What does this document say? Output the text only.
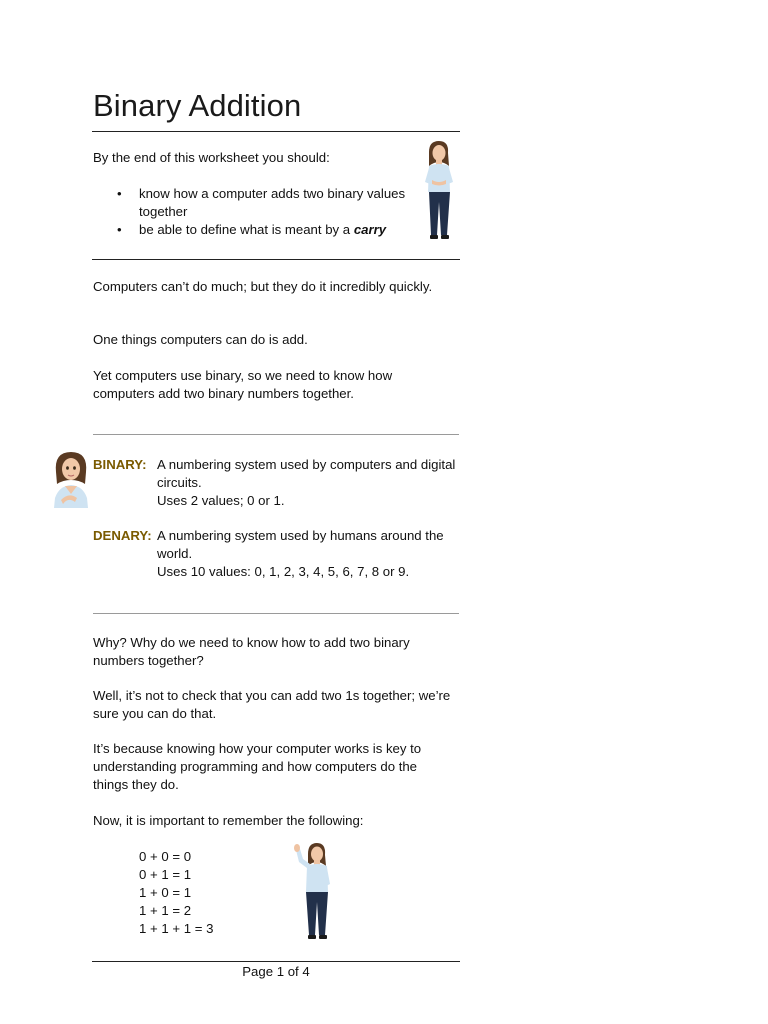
Binary Addition

By the end of this worksheet you should:

• know how a computer adds two binary values together
• be able to define what is meant by a carry

Computers can’t do much; but they do it incredibly quickly.

One things computers can do is add.

Yet computers use binary, so we need to know how computers add two binary numbers together.

BINARY: A numbering system used by computers and digital circuits.
Uses 2 values; 0 or 1.
DENARY: A numbering system used by humans around the world.
Uses 10 values: 0, 1, 2, 3, 4, 5, 6, 7, 8 or 9.

Why? Why do we need to know how to add two binary numbers together?

Well, it’s not to check that you can add two 1s together; we’re sure you can do that.

It’s because knowing how your computer works is key to understanding programming and how computers do the things they do.

Now, it is important to remember the following:

0 + 0 = 0
0 + 1 = 1
1 + 0 = 1
1 + 1 = 2
1 + 1 + 1 = 3
Page 1 of 4
